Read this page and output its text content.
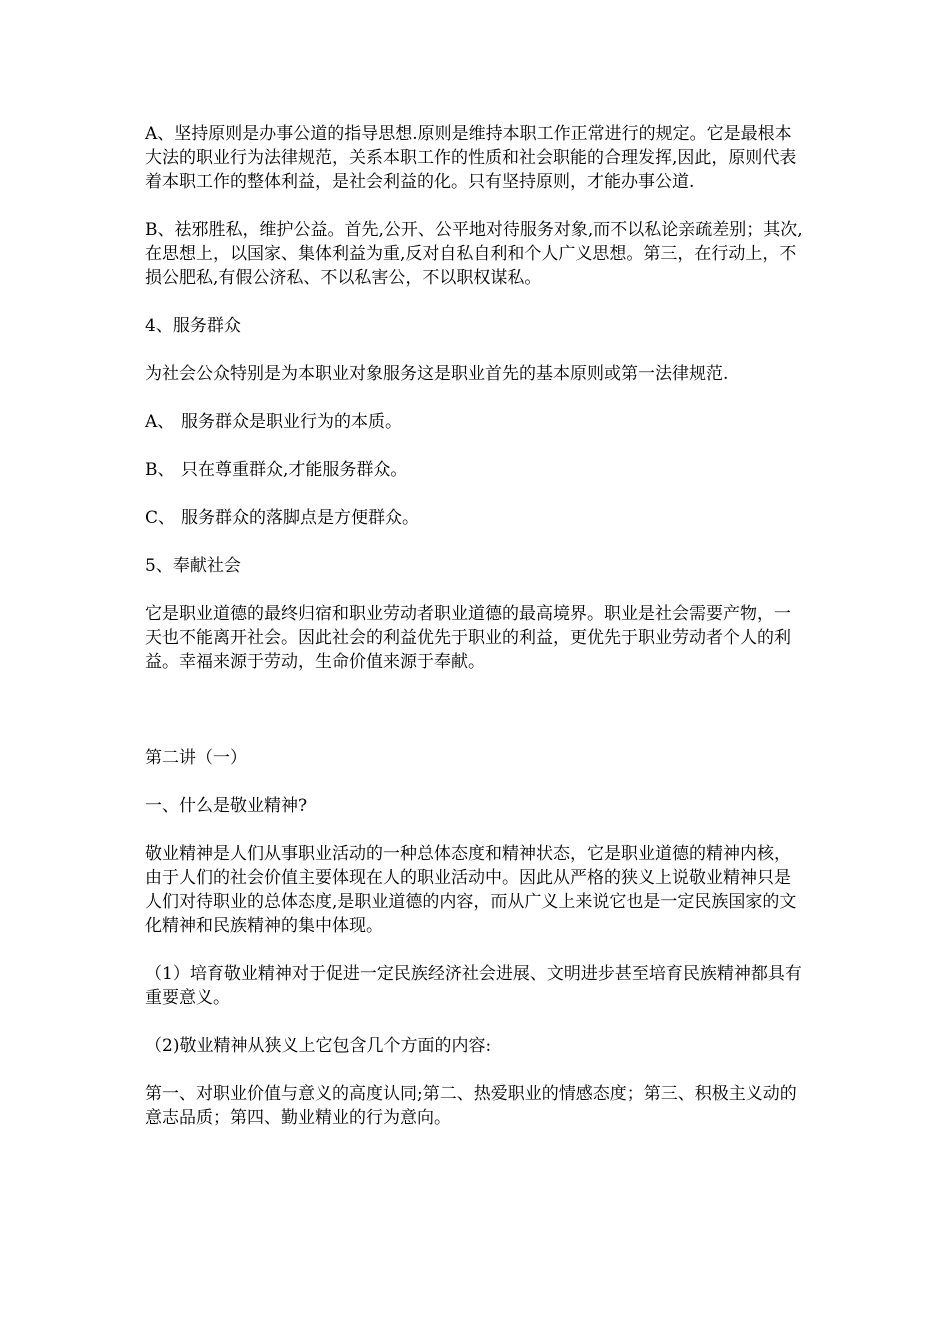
A、坚持原则是办事公道的指导思想.原则是维持本职工作正常进行的规定。它是最根本大法的职业行为法律规范，关系本职工作的性质和社会职能的合理发挥,因此，原则代表着本职工作的整体利益，是社会利益的化。只有坚持原则，才能办事公道.

B、祛邪胜私，维护公益。首先,公开、公平地对待服务对象,而不以私论亲疏差别；其次,在思想上，以国家、集体利益为重,反对自私自利和个人广义思想。第三，在行动上，不损公肥私,有假公济私、不以私害公，不以职权谋私。

4、服务群众

为社会公众特别是为本职业对象服务这是职业首先的基本原则或第一法律规范.

A、 服务群众是职业行为的本质。

B、 只在尊重群众,才能服务群众。

C、 服务群众的落脚点是方便群众。

5、奉献社会

它是职业道德的最终归宿和职业劳动者职业道德的最高境界。职业是社会需要产物，一天也不能离开社会。因此社会的利益优先于职业的利益，更优先于职业劳动者个人的利益。幸福来源于劳动，生命价值来源于奉献。

第二讲（一）

一、什么是敬业精神?

敬业精神是人们从事职业活动的一种总体态度和精神状态，它是职业道德的精神内核，由于人们的社会价值主要体现在人的职业活动中。因此从严格的狭义上说敬业精神只是人们对待职业的总体态度,是职业道德的内容，而从广义上来说它也是一定民族国家的文化精神和民族精神的集中体现。

（1）培育敬业精神对于促进一定民族经济社会进展、文明进步甚至培育民族精神都具有重要意义。

（2)敬业精神从狭义上它包含几个方面的内容:

第一、对职业价值与意义的高度认同;第二、热爱职业的情感态度；第三、积极主义动的意志品质；第四、勤业精业的行为意向。
